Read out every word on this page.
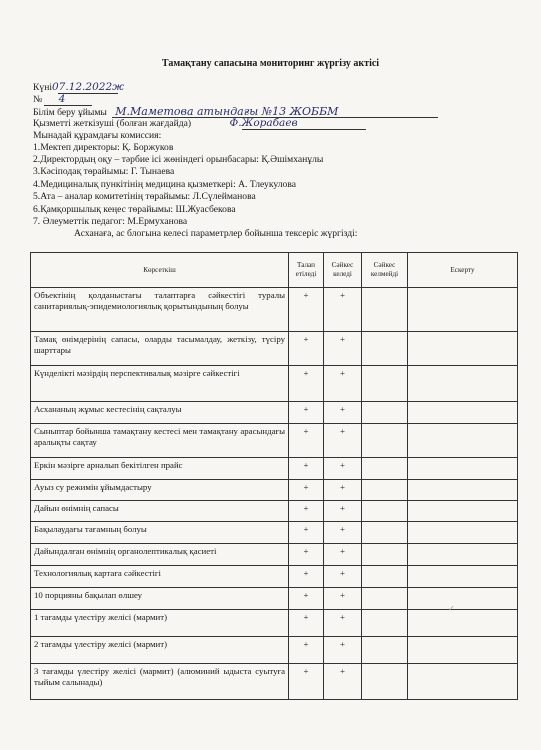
Тамақтану сапасына мониторинг жүргізу актісі
Күні07.12.2022ж
№ 4
Білім беру ұйымы М.Маметова атындағы №13 ЖОББМ
Қызметті жеткізуші (болған жағдайда)	Ф.Жорабаев
Мынадай құрамдағы комиссия:
1.Мектеп директоры: Қ. Боржуков
2.Директордың оқу – тәрбие ісі жөніндегі орынбасары: Қ.Әшімханұлы
3.Кәсіподақ төрайымы: Г. Тынаева
4.Медициналық пункітінің медицина қызметкері: А. Тлеукулова
5.Ата – аналар комитетінің төрайымы: Л.Сүлейманова
6.Қамқоршылық кеңес төрайымы: Ш.Жуасбекова
7. Әлеуметтік педагог: М.Ермуханова
Асханаға, ас блогына келесі параметрлер бойынша тексеріс жүргізді:
Көрсеткіш	Талап етіледі	Сәйкес келеді	Сәйкес келмейді	Ескерту
Объектінің қолданыстағы талаптарға сәйкестігі туралы санитариялық-эпидемиологиялық қорытындының болуы	+	+		
Тамақ өнімдерінің сапасы, оларды тасымалдау, жеткізу, түсіру шарттары	+	+		
Күнделікті мәзірдің перспективалық мәзірге сәйкестігі	+	+		
Асхананың жұмыс кестесінің сақталуы	+	+		
Сыныптар бойынша тамақтану кестесі мен тамақтану арасындағы аралықты сақтау	+	+		
Еркін мәзірге арналып бекітілген прайс	+	+		
Ауыз су режимін ұйымдастыру	+	+		
Дайын өнімнің сапасы	+	+		
Бақылаудағы тағамның болуы	+	+		
Дайындалған өнімнің органолептикалық қасиеті	+	+		
Технологиялық картаға сәйкестігі	+	+		
10 порцияны бақылап өлшеу	+	+		
1 тағамды үлестіру желісі (мармит)	+	+		
2 тағамды үлестіру желісі (мармит)	+	+		
3 тағамды үлестіру желісі (мармит) (алюминий ыдыста суытуға тыйым салынады)	+	+		
✓
